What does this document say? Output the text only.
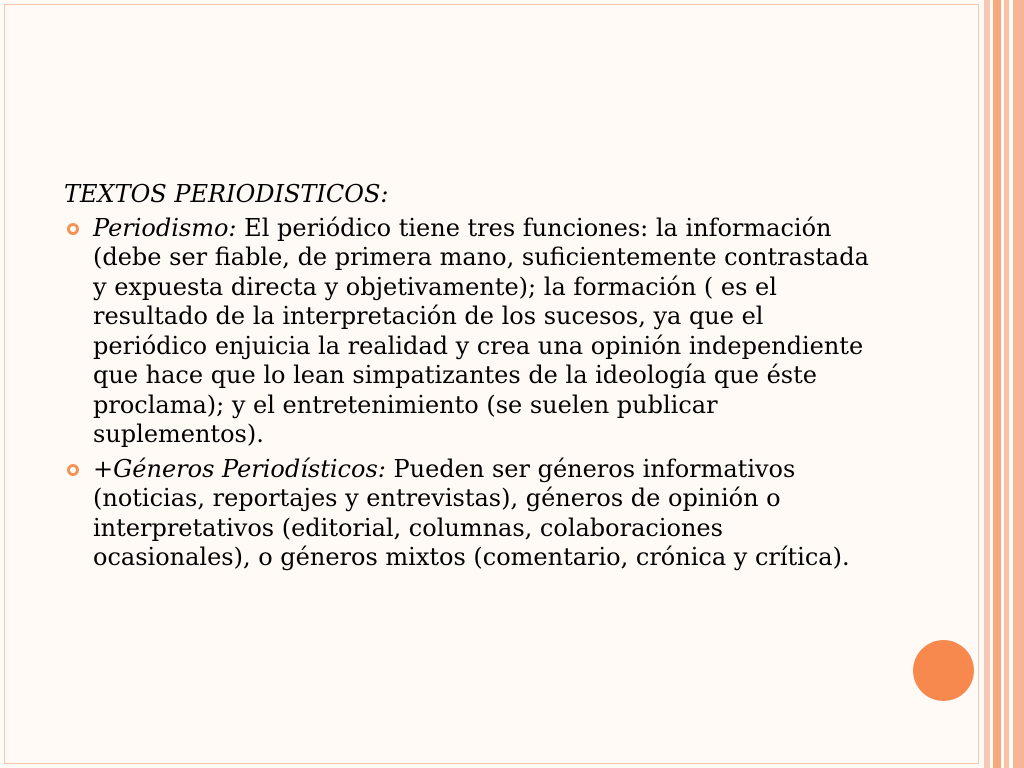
TEXTOS PERIODISTICOS:
Periodismo: El periódico tiene tres funciones: la información (debe ser fiable, de primera mano, suficientemente contrastada y expuesta directa y objetivamente); la formación ( es el resultado de la interpretación de los sucesos, ya que el periódico enjuicia la realidad y crea una opinión independiente que hace que lo lean simpatizantes de la ideología que éste proclama); y el entretenimiento (se suelen publicar suplementos).
+Géneros Periodísticos: Pueden ser géneros informativos (noticias, reportajes y entrevistas), géneros de opinión o interpretativos (editorial, columnas, colaboraciones ocasionales), o géneros mixtos (comentario, crónica y crítica).
